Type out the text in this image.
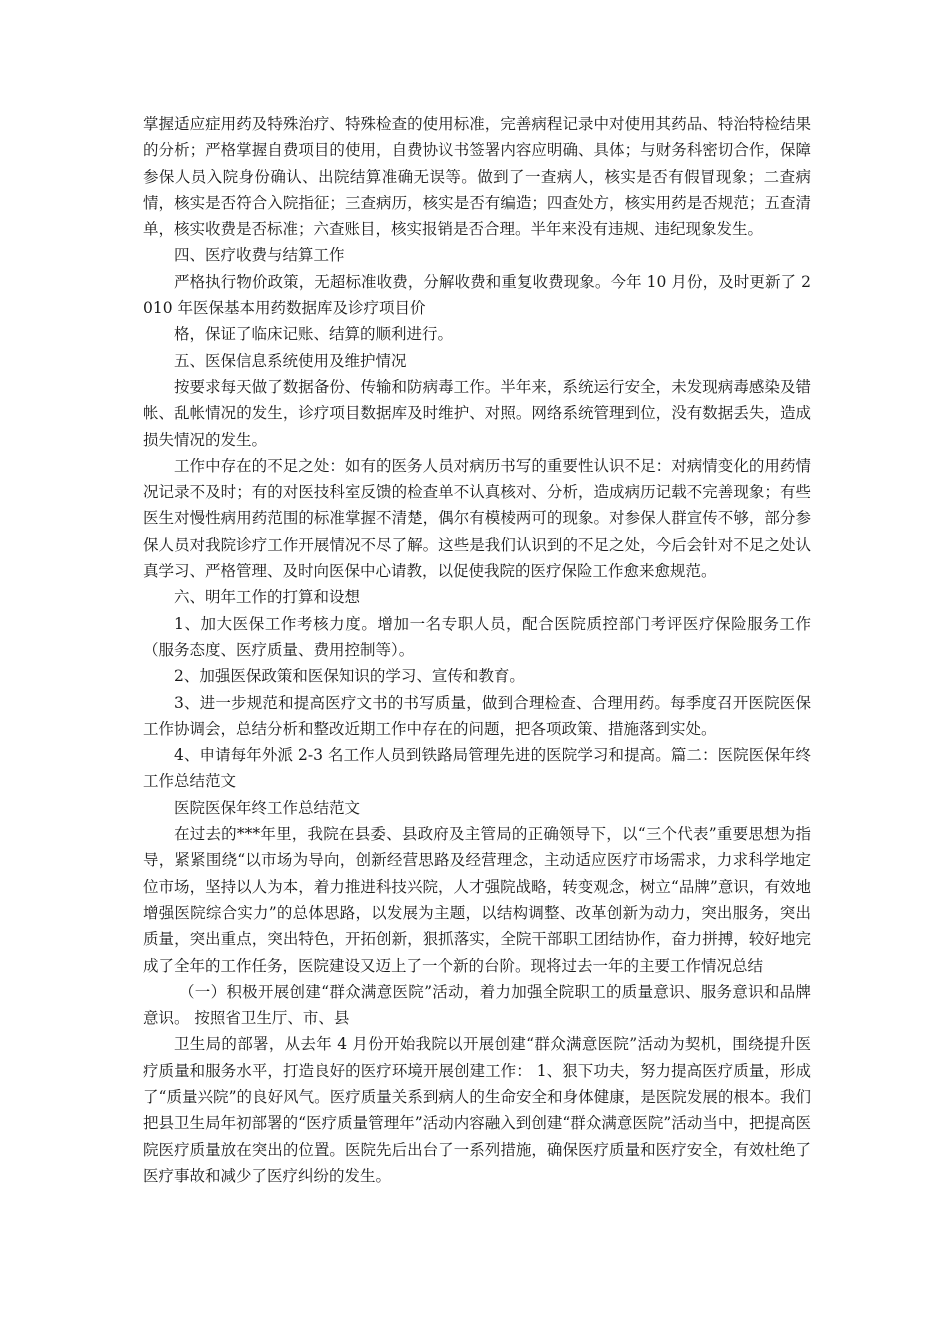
掌握适应症用药及特殊治疗、特殊检查的使用标准，完善病程记录中对使用其药品、特治特检结果的分析；严格掌握自费项目的使用，自费协议书签署内容应明确、具体；与财务科密切合作，保障参保人员入院身份确认、出院结算准确无误等。做到了一查病人，核实是否有假冒现象；二查病情，核实是否符合入院指征；三查病历，核实是否有编造；四查处方，核实用药是否规范；五查清单，核实收费是否标准；六查账目，核实报销是否合理。半年来没有违规、违纪现象发生。

四、医疗收费与结算工作

严格执行物价政策，无超标准收费，分解收费和重复收费现象。今年 10 月份，及时更新了 2010 年医保基本用药数据库及诊疗项目价

格，保证了临床记账、结算的顺利进行。

五、医保信息系统使用及维护情况

按要求每天做了数据备份、传输和防病毒工作。半年来，系统运行安全，未发现病毒感染及错帐、乱帐情况的发生，诊疗项目数据库及时维护、对照。网络系统管理到位，没有数据丢失，造成损失情况的发生。

工作中存在的不足之处：如有的医务人员对病历书写的重要性认识不足：对病情变化的用药情况记录不及时；有的对医技科室反馈的检查单不认真核对、分析，造成病历记载不完善现象；有些医生对慢性病用药范围的标准掌握不清楚，偶尔有模棱两可的现象。对参保人群宣传不够，部分参保人员对我院诊疗工作开展情况不尽了解。这些是我们认识到的不足之处，今后会针对不足之处认真学习、严格管理、及时向医保中心请教，以促使我院的医疗保险工作愈来愈规范。

六、明年工作的打算和设想

1、加大医保工作考核力度。增加一名专职人员，配合医院质控部门考评医疗保险服务工作（服务态度、医疗质量、费用控制等）。

2、加强医保政策和医保知识的学习、宣传和教育。

3、进一步规范和提高医疗文书的书写质量，做到合理检查、合理用药。每季度召开医院医保工作协调会，总结分析和整改近期工作中存在的问题，把各项政策、措施落到实处。

4、申请每年外派 2-3 名工作人员到铁路局管理先进的医院学习和提高。篇二：医院医保年终工作总结范文

医院医保年终工作总结范文

在过去的***年里，我院在县委、县政府及主管局的正确领导下，以“三个代表”重要思想为指导，紧紧围绕“以市场为导向，创新经营思路及经营理念，主动适应医疗市场需求，力求科学地定位市场，坚持以人为本，着力推进科技兴院，人才强院战略，转变观念，树立“品牌”意识，有效地增强医院综合实力”的总体思路，以发展为主题，以结构调整、改革创新为动力，突出服务，突出质量，突出重点，突出特色，开拓创新，狠抓落实，全院干部职工团结协作，奋力拼搏，较好地完成了全年的工作任务，医院建设又迈上了一个新的台阶。现将过去一年的主要工作情况总结

（一）积极开展创建“群众满意医院”活动，着力加强全院职工的质量意识、服务意识和品牌意识。 按照省卫生厅、市、县

卫生局的部署，从去年 4 月份开始我院以开展创建“群众满意医院”活动为契机，围绕提升医疗质量和服务水平，打造良好的医疗环境开展创建工作： 1、狠下功夫，努力提高医疗质量，形成了“质量兴院”的良好风气。医疗质量关系到病人的生命安全和身体健康，是医院发展的根本。我们把县卫生局年初部署的“医疗质量管理年”活动内容融入到创建“群众满意医院”活动当中，把提高医院医疗质量放在突出的位置。医院先后出台了一系列措施，确保医疗质量和医疗安全，有效杜绝了医疗事故和减少了医疗纠纷的发生。
